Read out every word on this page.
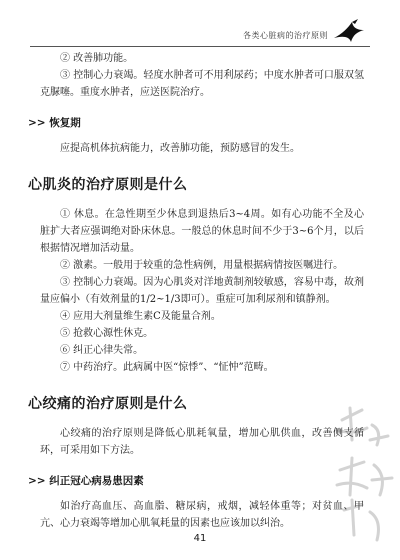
各类心脏病的治疗原则
② 改善肺功能。
③ 控制心力衰竭。轻度水肿者可不用利尿药；中度水肿者可口服双氢克脲噻。重度水肿者，应送医院治疗。
>> 恢复期
应提高机体抗病能力，改善肺功能，预防感冒的发生。
心肌炎的治疗原则是什么
① 休息。在急性期至少休息到退热后3~4周。如有心功能不全及心脏扩大者应强调绝对卧床休息。一般总的休息时间不少于3~6个月，以后根据情况增加活动量。
② 激素。一般用于较重的急性病例，用量根据病情按医嘱进行。
③ 控制心力衰竭。因为心肌炎对洋地黄制剂较敏感，容易中毒，故剂量应偏小（有效剂量的1/2~1/3即可）。重症可加利尿剂和镇静剂。
④ 应用大剂量维生素C及能量合剂。
⑤ 抢救心源性休克。
⑥ 纠正心律失常。
⑦ 中药治疗。此病属中医“惊悸”、“怔忡”范畴。
心绞痛的治疗原则是什么
心绞痛的治疗原则是降低心肌耗氧量，增加心肌供血，改善侧支循环，可采用如下方法。
>> 纠正冠心病易患因素
如治疗高血压、高血脂、糖尿病，戒烟，减轻体重等；对贫血、甲亢、心力衰竭等增加心肌氧耗量的因素也应该加以纠治。
41
